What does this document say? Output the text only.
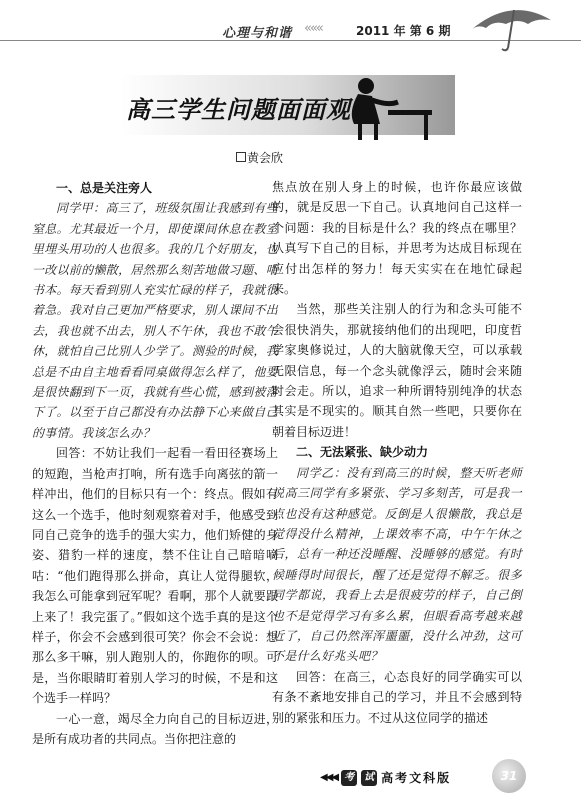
心理与和谐 «««	2011 年 第 6 期
高三学生问题面面观
黄会欣
一、总是关注旁人

同学甲：高三了，班级氛围让我感到有些窒息。尤其最近一个月，即使课间休息在教室里埋头用功的人也很多。我的几个好朋友，也一改以前的懒散，居然那么刻苦地做习题、啃书本。每天看到别人充实忙碌的样子，我就很着急。我对自己更加严格要求，别人课间不出去，我也就不出去，别人不午休，我也不敢午休，就怕自己比别人少学了。测验的时候，我总是不由自主地看看同桌做得怎么样了，他要是很快翻到下一页，我就有些心慌，感到被落下了。以至于自己都没有办法静下心来做自己的事情。我该怎么办？

回答：不妨让我们一起看一看田径赛场上的短跑，当枪声打响，所有选手向离弦的箭一样冲出，他们的目标只有一个：终点。假如有这么一个选手，他时刻观察着对手，他感受到同自己竞争的选手的强大实力，他们矫健的身姿、猎豹一样的速度，禁不住让自己暗暗嘀咕：“他们跑得那么拼命，真让人觉得腿软，我怎么可能拿到冠军呢？看啊，那个人就要跟上来了！我完蛋了。”假如这个选手真的是这个样子，你会不会感到很可笑？你会不会说：想那么多干嘛，别人跑别人的，你跑你的呗。可是，当你眼睛盯着别人学习的时候，不是和这个选手一样吗？

一心一意，竭尽全力向自己的目标迈进，是所有成功者的共同点。当你把注意的

焦点放在别人身上的时候，也许你最应该做的，就是反思一下自己。认真地问自己这样一个问题：我的目标是什么？我的终点在哪里？认真写下自己的目标，并思考为达成目标现在应付出怎样的努力！每天实实在在地忙碌起来。

当然，那些关注别人的行为和念头可能不会很快消失，那就接纳他们的出现吧，印度哲学家奥修说过，人的大脑就像天空，可以承载无限信息，每一个念头就像浮云，随时会来随时会走。所以，追求一种所谓特别纯净的状态其实是不现实的。顺其自然一些吧，只要你在朝着目标迈进！

二、无法紧张、缺少动力

同学乙：没有到高三的时候，整天听老师说高三同学有多紧张、学习多刻苦，可是我一点也没有这种感觉。反倒是人很懒散，我总是觉得没什么精神，上课效率不高，中午午休之后，总有一种还没睡醒、没睡够的感觉。有时候睡得时间很长，醒了还是觉得不解乏。很多同学都说，我看上去是很疲劳的样子，自己倒也不是觉得学习有多么累，但眼看高考越来越近了，自己仍然浑浑噩噩，没什么冲劲，这可不是什么好兆头吧？

回答：在高三，心态良好的同学确实可以有条不紊地安排自己的学习，并且不会感到特别的紧张和压力。不过从这位同学的描述

◀◀◀ 考	试 高考文科版	31
